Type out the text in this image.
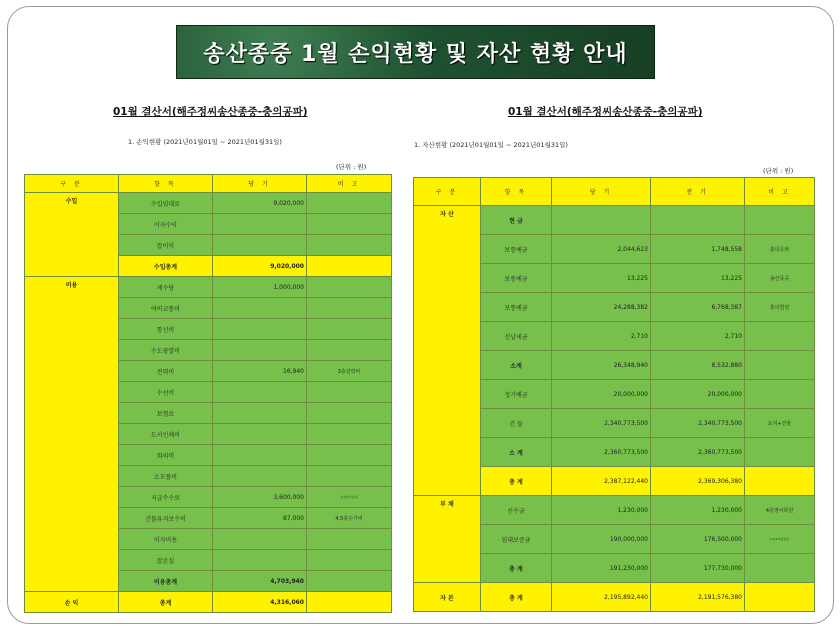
송산종중 1월 손익현황 및 자산 현황 안내
01월 결산서(해주정씨송산종중-충의공파)
1. 손익현황 (2021년01월01일 ~ 2021년01월31일)
(단위 : 원)
구 분	항 목	당 기	비 고
수입	수입임대료	9,020,000	
	이자수익		
	잡이익		
	수입총계	9,020,000	
비용	제수당	1,000,000	
	여비교통비		
	통신비		
	수도광열비		
	전력비	16,940	3층전력비
	수선비		
	보험료		
	도서인쇄비		
	회의비		
	소모품비		
	지급수수료	3,600,000	조지수수료외
	건물유지보수비	87,000	4,5층수기비
	이자비용		
	잡손실		
	비용총계	4,703,940	
손 익	총계	4,316,060	
01월 결산서(해주정씨송산종중-충의공파)
1. 자산현황 (2021년01월01일 ~ 2021년01월31일)
(단위 : 원)
구 분	항 목	당 기	전 기	비 고
자 산	현 금			
	보통예금	2,044,623	1,748,558	충의공파
	보통예금	13,225	13,225	송산종중
	보통예금	24,288,382	6,768,387	충의빌딩
	선납세금	2,710	2,710	
	소계	26,348,940	8,532,880	
	정기예금	20,000,000	20,000,000	
	건 물	2,340,773,500	2,340,773,500	토지+건물
	소 계	2,360,773,500	2,360,773,500	
	총 계	2,387,122,440	2,369,306,380	
부 채	선수금	1,230,000	1,230,000	4층영어학원
	임대보증금	190,000,000	176,500,000	1,2,4,5층보증
	총 계	191,230,000	177,730,000	
자 본	총 계	2,195,892,440	2,191,576,380	
